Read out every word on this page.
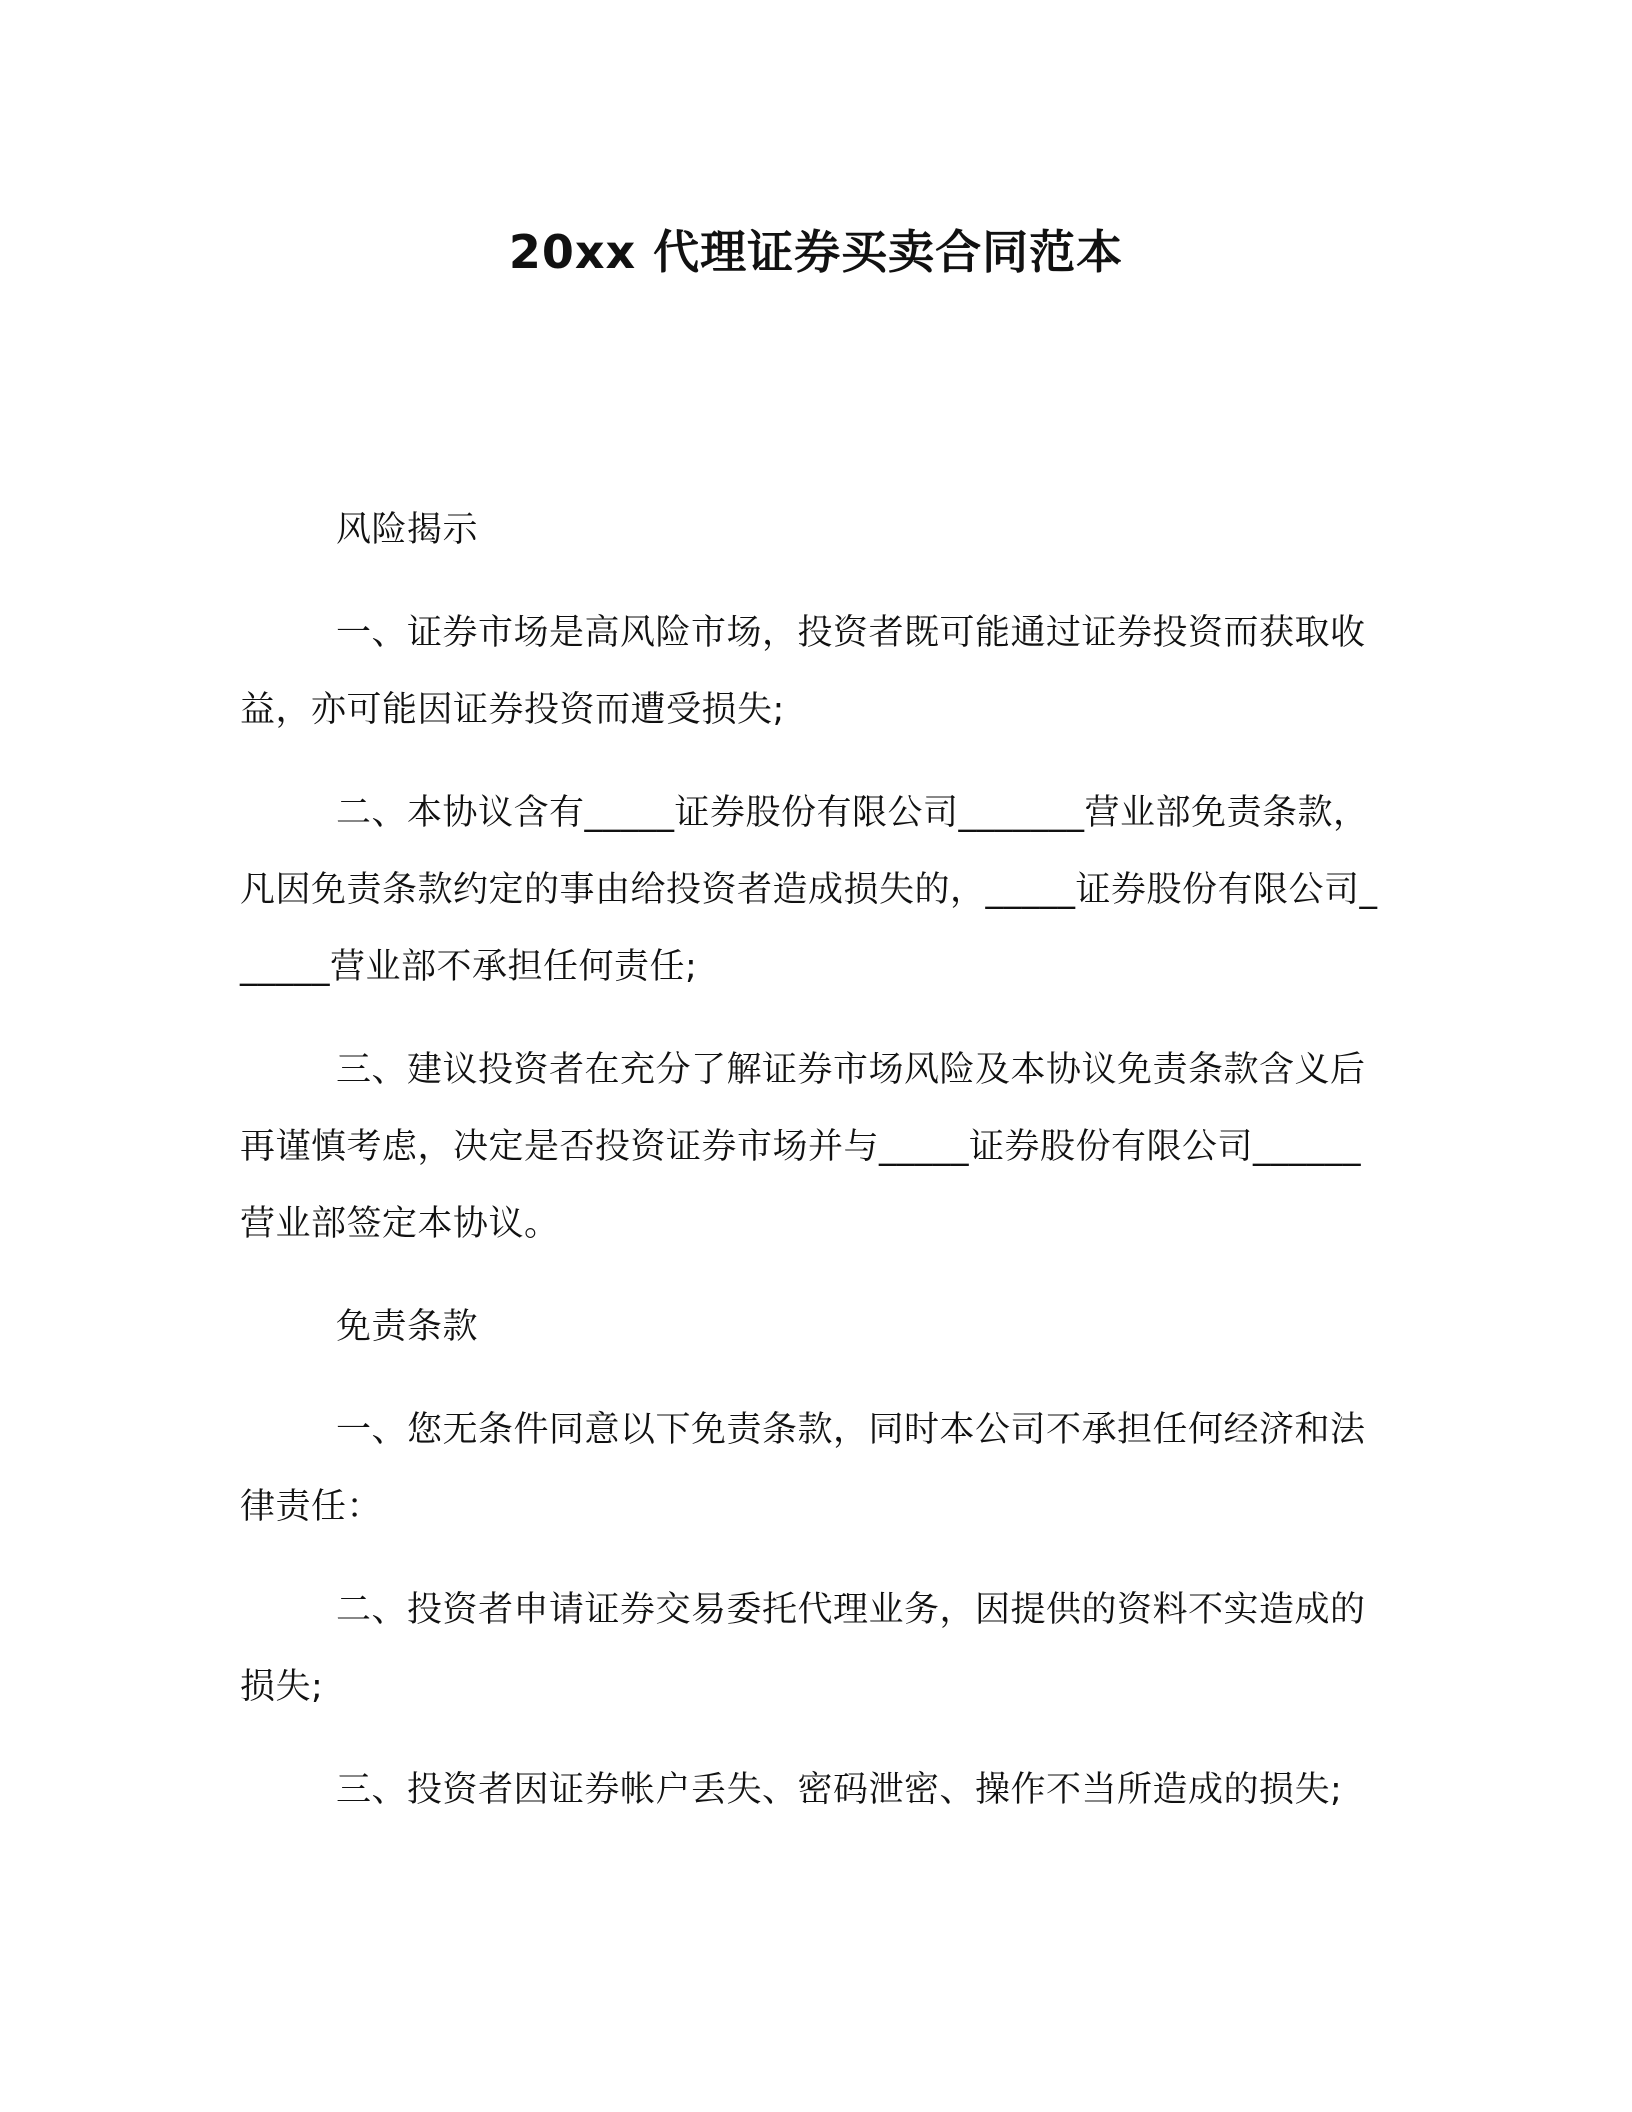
20xx 代理证券买卖合同范本

风险揭示

一、证券市场是高风险市场，投资者既可能通过证券投资而获取收益，亦可能因证券投资而遭受损失;

二、本协议含有_____证券股份有限公司_______营业部免责条款，凡因免责条款约定的事由给投资者造成损失的，_____证券股份有限公司______营业部不承担任何责任;

三、建议投资者在充分了解证券市场风险及本协议免责条款含义后再谨慎考虑，决定是否投资证券市场并与_____证券股份有限公司______营业部签定本协议。

免责条款

一、您无条件同意以下免责条款，同时本公司不承担任何经济和法律责任：

二、投资者申请证券交易委托代理业务，因提供的资料不实造成的损失;

三、投资者因证券帐户丢失、密码泄密、操作不当所造成的损失;
